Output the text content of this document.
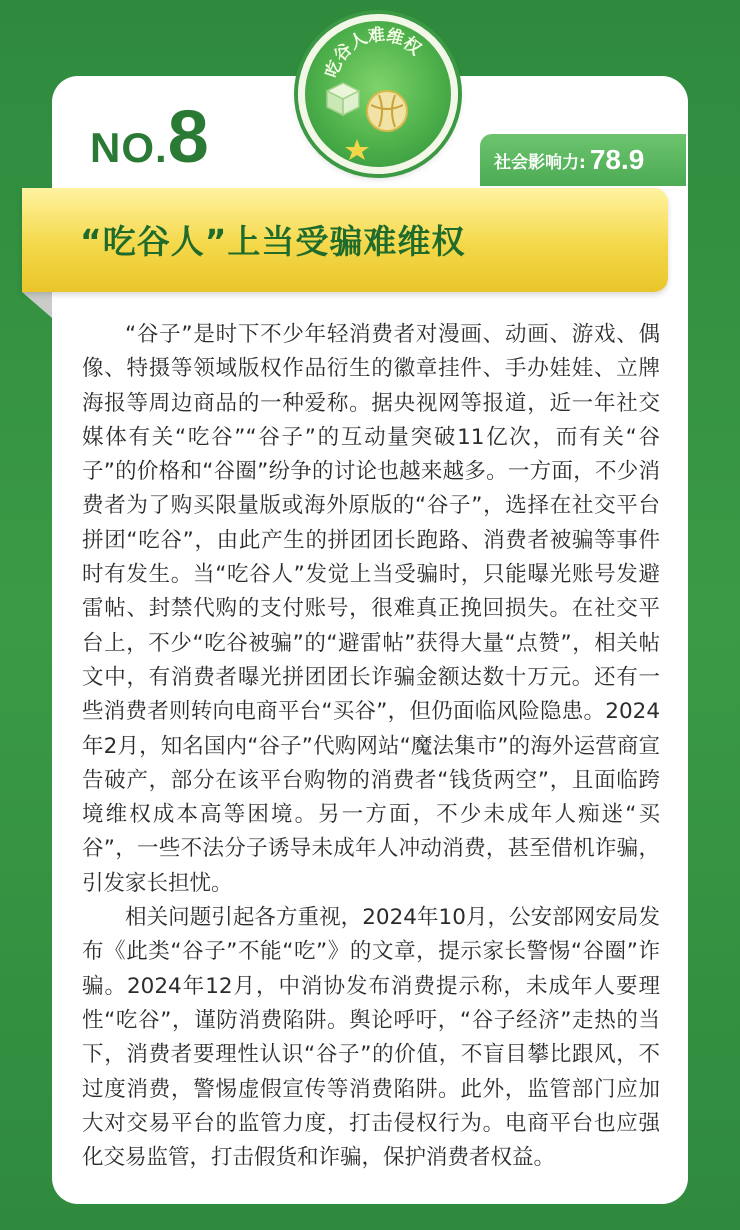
NO.8	社会影响力: 78.9
“吃谷人”上当受骗难维权
吃谷人难维权

“谷子”是时下不少年轻消费者对漫画、动画、游戏、偶像、特摄等领域版权作品衍生的徽章挂件、手办娃娃、立牌海报等周边商品的一种爱称。据央视网等报道，近一年社交媒体有关“吃谷”“谷子”的互动量突破11亿次，而有关“谷子”的价格和“谷圈”纷争的讨论也越来越多。一方面，不少消费者为了购买限量版或海外原版的“谷子”，选择在社交平台拼团“吃谷”，由此产生的拼团团长跑路、消费者被骗等事件时有发生。当“吃谷人”发觉上当受骗时，只能曝光账号发避雷帖、封禁代购的支付账号，很难真正挽回损失。在社交平台上，不少“吃谷被骗”的“避雷帖”获得大量“点赞”，相关帖文中，有消费者曝光拼团团长诈骗金额达数十万元。还有一些消费者则转向电商平台“买谷”，但仍面临风险隐患。2024年2月，知名国内“谷子”代购网站“魔法集市”的海外运营商宣告破产，部分在该平台购物的消费者“钱货两空”，且面临跨境维权成本高等困境。另一方面，不少未成年人痴迷“买谷”，一些不法分子诱导未成年人冲动消费，甚至借机诈骗，引发家长担忧。

相关问题引起各方重视，2024年10月，公安部网安局发布《此类“谷子”不能“吃”》的文章，提示家长警惕“谷圈”诈骗。2024年12月，中消协发布消费提示称，未成年人要理性“吃谷”，谨防消费陷阱。舆论呼吁，“谷子经济”走热的当下，消费者要理性认识“谷子”的价值，不盲目攀比跟风，不过度消费，警惕虚假宣传等消费陷阱。此外，监管部门应加大对交易平台的监管力度，打击侵权行为。电商平台也应强化交易监管，打击假货和诈骗，保护消费者权益。
